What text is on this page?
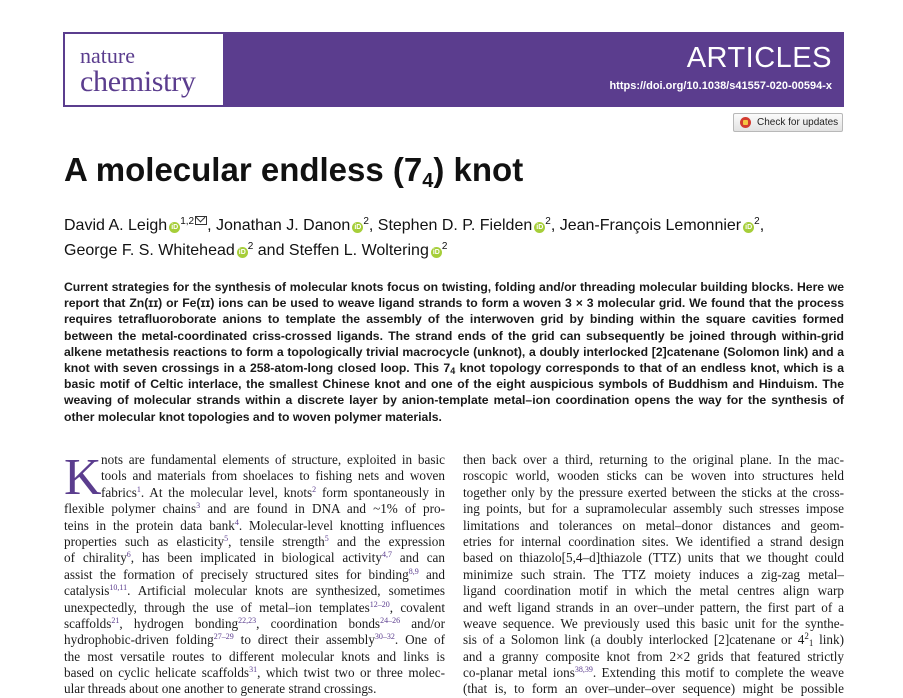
nature
chemistry
ARTICLES
https://doi.org/10.1038/s41557-020-00594-x
Check for updates
A molecular endless $(7_4)$ knot
David A. Leigh iD$^{1,2}$ , Jonathan J. Danon $iD^2$, Stephen D. P. Fielden $iD^2$, Jean-François Lemonnier $iD^2$,
George F. S. Whitehead $iD^2$ and Steffen L. Woltering $iD^2$
Current strategies for the synthesis of molecular knots focus on twisting, folding and/or threading molecular building blocks. Here we report that Zn(ɪɪ) or Fe(ɪɪ) ions can be used to weave ligand strands to form a woven 3 × 3 molecular grid. We found that the process requires tetrafluoroborate anions to template the assembly of the interwoven grid by binding within the square cavities formed between the metal-coordinated criss-crossed ligands. The strand ends of the grid can subsequently be joined through within-grid alkene metathesis reactions to form a topologically trivial macrocycle (unknot), a doubly interlocked [2]catenane (Solomon link) and a knot with seven crossings in a 258-atom-long closed loop. This $7_4$ knot topology corresponds to that of an endless knot, which is a basic motif of Celtic interlace, the smallest Chinese knot and one of the eight auspicious symbols of Buddhism and Hinduism. The weaving of molecular strands within a discrete layer by anion-template metal–ion coordination opens the way for the synthesis of other molecular knot topologies and to woven polymer materials.
K nots are fundamental elements of structure, exploited in basic
tools and materials from shoelaces to fishing nets and woven
fabrics$^1$. At the molecular level, knots$^2$ form spontaneously in
flexible polymer chains$^3$ and are found in DNA and ~1% of pro-
teins in the protein data bank$^4$. Molecular-level knotting influences
properties such as elasticity$^5$, tensile strength$^5$ and the expression
of chirality$^6$, has been implicated in biological activity$^{4,7}$ and can
assist the formation of precisely structured sites for binding$^{8,9}$ and
catalysis$^{10,11}$. Artificial molecular knots are synthesized, sometimes
unexpectedly, through the use of metal–ion templates$^{12-20}$, covalent
scaffolds$^{21}$, hydrogen bonding$^{22,23}$, coordination bonds$^{24-26}$ and/or
hydrophobic-driven folding$^{27-29}$ to direct their assembly$^{30-32}$. One of
the most versatile routes to different molecular knots and links is
based on cyclic helicate scaffolds$^{31}$, which twist two or three molec-
ular threads about one another to generate strand crossings.
then back over a third, returning to the original plane. In the mac-
roscopic world, wooden sticks can be woven into structures held
together only by the pressure exerted between the sticks at the cross-
ing points, but for a supramolecular assembly such stresses impose
limitations and tolerances on metal–donor distances and geom-
etries for internal coordination sites. We identified a strand design
based on thiazolo[5,4–d]thiazole (TTZ) units that we thought could
minimize such strain. The TTZ moiety induces a zig-zag metal–
ligand coordination motif in which the metal centres align warp
and weft ligand strands in an over–under pattern, the first part of a
weave sequence. We previously used this basic unit for the synthe-
sis of a Solomon link (a doubly interlocked [2]catenane or $4^2_1$ link)
and a granny composite knot from 2×2 grids that featured strictly
co-planar metal ions$^{38,39}$. Extending this motif to complete the weave
(that is, to form an over–under–over sequence) might be possible
